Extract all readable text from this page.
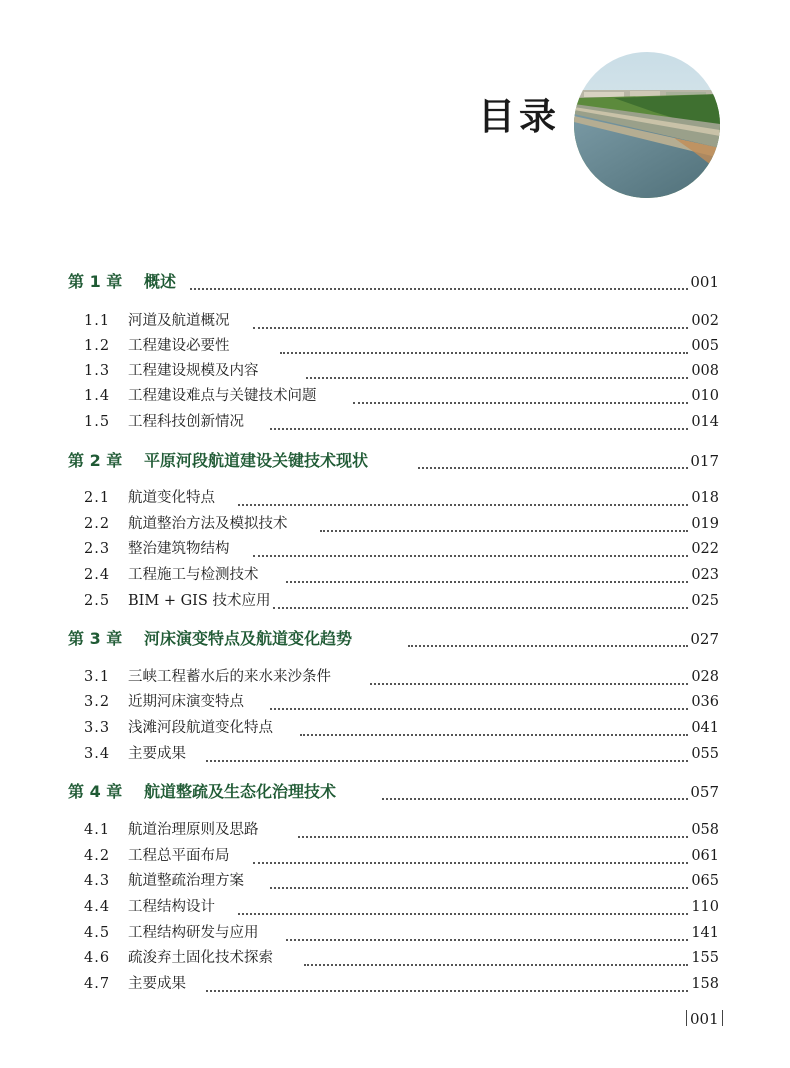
目录
第 1 章 概述	001
1.1 河道及航道概况	002
1.2 工程建设必要性	005
1.3 工程建设规模及内容	008
1.4 工程建设难点与关键技术问题	010
1.5 工程科技创新情况	014
第 2 章 平原河段航道建设关键技术现状	017
2.1 航道变化特点	018
2.2 航道整治方法及模拟技术	019
2.3 整治建筑物结构	022
2.4 工程施工与检测技术	023
2.5 BIM + GIS 技术应用	025
第 3 章 河床演变特点及航道变化趋势	027
3.1 三峡工程蓄水后的来水来沙条件	028
3.2 近期河床演变特点	036
3.3 浅滩河段航道变化特点	041
3.4 主要成果	055
第 4 章 航道整疏及生态化治理技术	057
4.1 航道治理原则及思路	058
4.2 工程总平面布局	061
4.3 航道整疏治理方案	065
4.4 工程结构设计	110
4.5 工程结构研发与应用	141
4.6 疏浚弃土固化技术探索	155
4.7 主要成果	158
001
